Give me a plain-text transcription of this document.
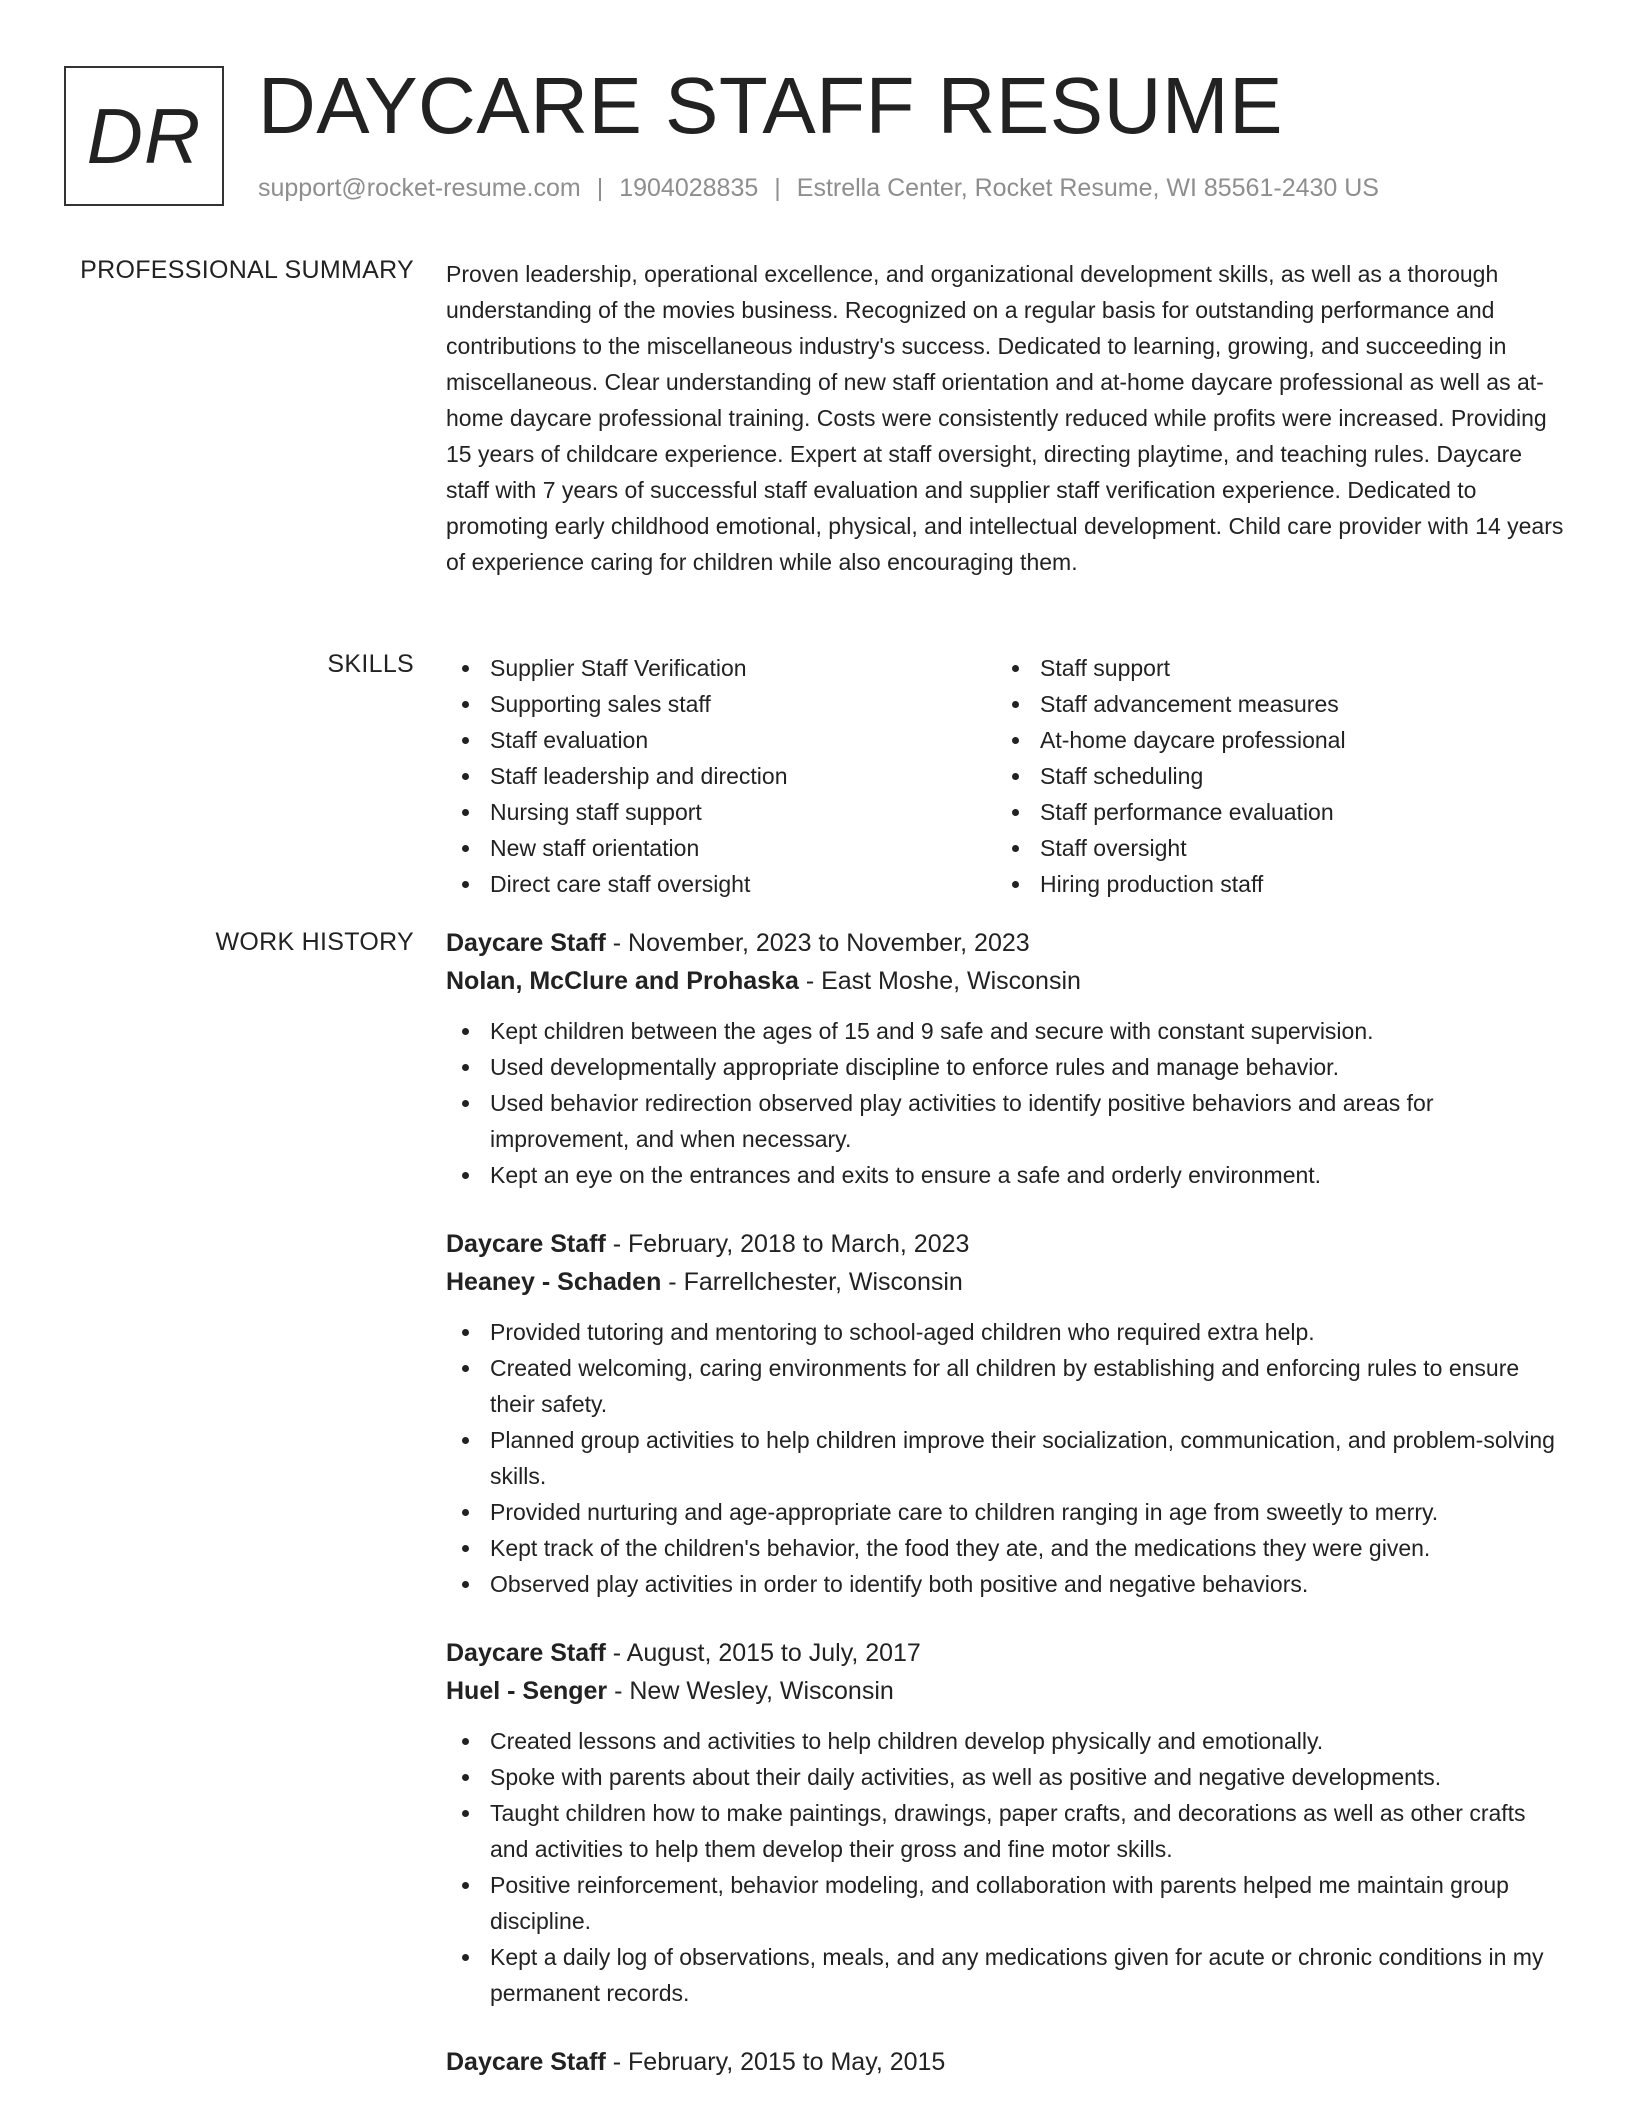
DR DAYCARE STAFF RESUME
support@rocket-resume.com | 1904028835 | Estrella Center, Rocket Resume, WI 85561-2430 US
PROFESSIONAL SUMMARY Proven leadership, operational excellence, and organizational development skills, as well as a thorough understanding of the movies business. Recognized on a regular basis for outstanding performance and contributions to the miscellaneous industry's success. Dedicated to learning, growing, and succeeding in miscellaneous. Clear understanding of new staff orientation and at-home daycare professional as well as at-home daycare professional training. Costs were consistently reduced while profits were increased. Providing 15 years of childcare experience. Expert at staff oversight, directing playtime, and teaching rules. Daycare staff with 7 years of successful staff evaluation and supplier staff verification experience. Dedicated to promoting early childhood emotional, physical, and intellectual development. Child care provider with 14 years of experience caring for children while also encouraging them.

SKILLS	Supplier Staff Verification
Supporting sales staff
Staff evaluation
Staff leadership and direction
Nursing staff support
New staff orientation
Direct care staff oversight
Staff support
Staff advancement measures
At-home daycare professional
Staff scheduling
Staff performance evaluation
Staff oversight
Hiring production staff
WORK HISTORY Daycare Staff - November, 2023 to November, 2023
Nolan, McClure and Prohaska - East Moshe, Wisconsin
Kept children between the ages of 15 and 9 safe and secure with constant supervision.
Used developmentally appropriate discipline to enforce rules and manage behavior.
Used behavior redirection observed play activities to identify positive behaviors and areas for improvement, and when necessary.
Kept an eye on the entrances and exits to ensure a safe and orderly environment.
Daycare Staff - February, 2018 to March, 2023
Heaney - Schaden - Farrellchester, Wisconsin
Provided tutoring and mentoring to school-aged children who required extra help.
Created welcoming, caring environments for all children by establishing and enforcing rules to ensure their safety.
Planned group activities to help children improve their socialization, communication, and problem-solving skills.
Provided nurturing and age-appropriate care to children ranging in age from sweetly to merry.
Kept track of the children's behavior, the food they ate, and the medications they were given.
Observed play activities in order to identify both positive and negative behaviors.
Daycare Staff - August, 2015 to July, 2017
Huel - Senger - New Wesley, Wisconsin
Created lessons and activities to help children develop physically and emotionally.
Spoke with parents about their daily activities, as well as positive and negative developments.
Taught children how to make paintings, drawings, paper crafts, and decorations as well as other crafts and activities to help them develop their gross and fine motor skills.
Positive reinforcement, behavior modeling, and collaboration with parents helped me maintain group discipline.
Kept a daily log of observations, meals, and any medications given for acute or chronic conditions in my permanent records.
Daycare Staff - February, 2015 to May, 2015
